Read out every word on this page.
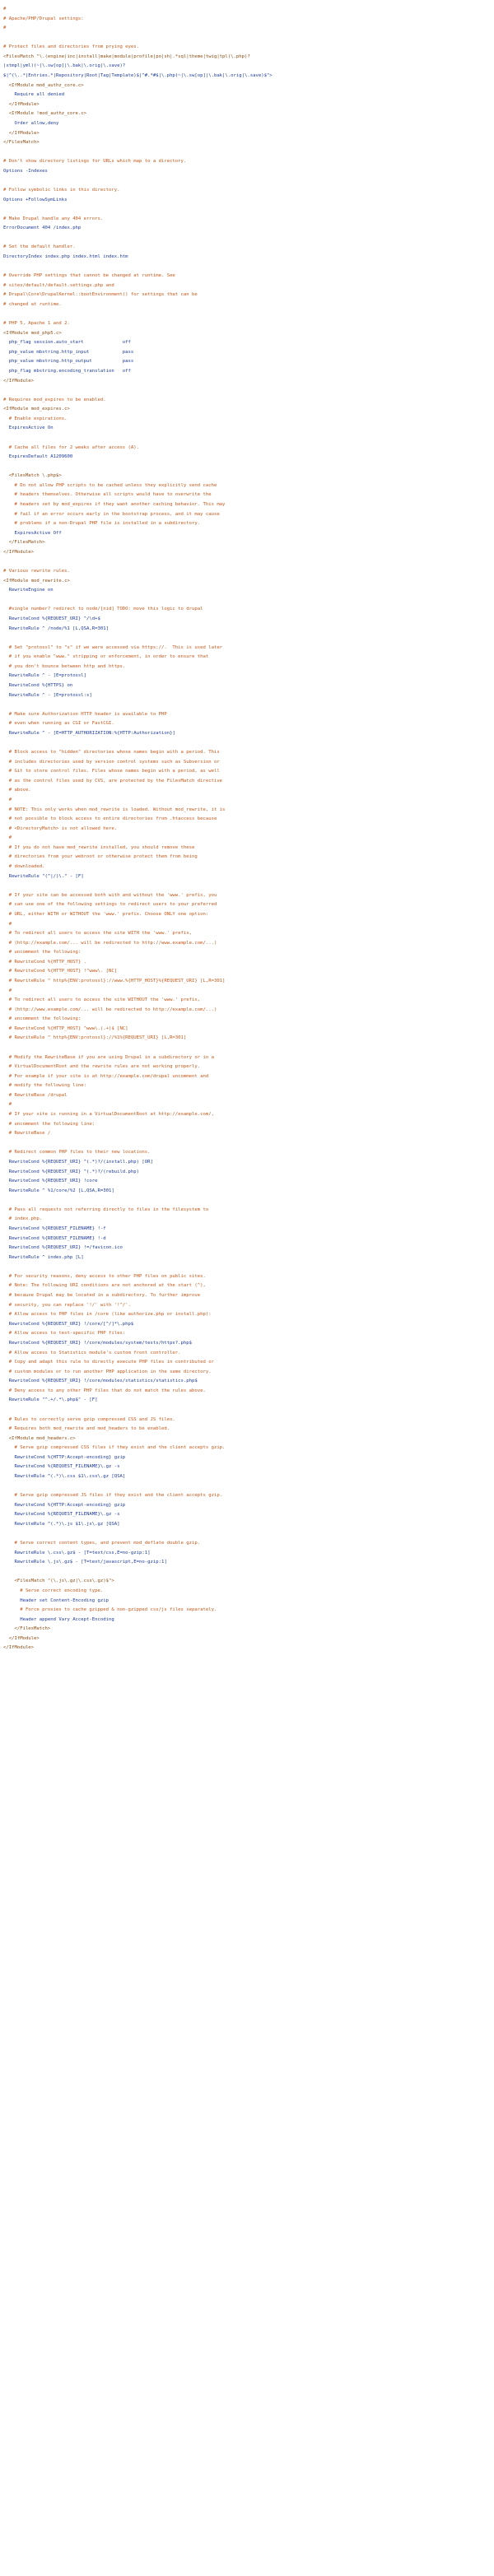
#
# Apache/PHP/Drupal settings:
#

# Protect files and directories from prying eyes.
<FilesMatch "\.(engine|inc|install|make|module|profile|po|sh|.*sql|theme|twig|tpl(\.php)?
|xtmpl|yml)(~|\.sw[op]|\.bak|\.orig|\.save)?
$|^(\..*|Entries.*|Repository|Root|Tag|Template)$|^#.*#$|\.php(~|\.sw[op]|\.bak|\.orig|\.save)$">
<IfModule mod_authz_core.c>
Require all denied
</IfModule>
<IfModule !mod_authz_core.c>
Order allow,deny
</IfModule>
</FilesMatch>

# Don't show directory listings for URLs which map to a directory.
Options -Indexes

# Follow symbolic links in this directory.
Options +FollowSymLinks

# Make Drupal handle any 404 errors.
ErrorDocument 404 /index.php

# Set the default handler.
DirectoryIndex index.php index.html index.htm

# Override PHP settings that cannot be changed at runtime. See
# sites/default/default.settings.php and
# Drupal\Core\DrupalKernel::bootEnvironment() for settings that can be
# changed at runtime.

# PHP 5, Apache 1 and 2.
<IfModule mod_php5.c>
php_flag session.auto_start              off
php_value mbstring.http_input            pass
php_value mbstring.http_output           pass
php_flag mbstring.encoding_translation   off
</IfModule>

# Requires mod_expires to be enabled.
<IfModule mod_expires.c>
# Enable expirations.
ExpiresActive On

# Cache all files for 2 weeks after access (A).
ExpiresDefault A1209600

<FilesMatch \.php$>
# Do not allow PHP scripts to be cached unless they explicitly send cache
# headers themselves. Otherwise all scripts would have to overwrite the
# headers set by mod_expires if they want another caching behavior. This may
# fail if an error occurs early in the bootstrap process, and it may cause
# problems if a non-Drupal PHP file is installed in a subdirectory.
ExpiresActive Off
</FilesMatch>
</IfModule>

# Various rewrite rules.
<IfModule mod_rewrite.c>
RewriteEngine on

#single number? redirect to node/[nid] TODO: move this logic to drupal
RewriteCond %{REQUEST_URI} ^/\d+$
RewriteRule ^ /node/%1 [L,QSA,R=301]

# Set "protossl" to "s" if we were accessed via https://.  This is used later
# if you enable "www." stripping or enforcement, in order to ensure that
# you don't bounce between http and https.
RewriteRule ^ - [E=protossl]
RewriteCond %{HTTPS} on
RewriteRule ^ - [E=protossl:s]

# Make sure Authorization HTTP header is available to PHP
# even when running as CGI or FastCGI.
RewriteRule ^ - [E=HTTP_AUTHORIZATION:%{HTTP:Authorization}]

# Block access to "hidden" directories whose names begin with a period. This
# includes directories used by version control systems such as Subversion or
# Git to store control files. Files whose names begin with a period, as well
# as the control files used by CVS, are protected by the FilesMatch directive
# above.
#
# NOTE: This only works when mod_rewrite is loaded. Without mod_rewrite, it is
# not possible to block access to entire directories from .htaccess because
# <DirectoryMatch> is not allowed here.
#
# If you do not have mod_rewrite installed, you should remove these
# directories from your webroot or otherwise protect them from being
# downloaded.
RewriteRule "(^|/)\." - [F]

# If your site can be accessed both with and without the 'www.' prefix, you
# can use one of the following settings to redirect users to your preferred
# URL, either WITH or WITHOUT the 'www.' prefix. Choose ONLY one option:
#
# To redirect all users to access the site WITH the 'www.' prefix,
# (http://example.com/... will be redirected to http://www.example.com/...)
# uncomment the following:
# RewriteCond %{HTTP_HOST} .
# RewriteCond %{HTTP_HOST} !^www\. [NC]
# RewriteRule ^ http%{ENV:protossl}://www.%{HTTP_HOST}%{REQUEST_URI} [L,R=301]
#
# To redirect all users to access the site WITHOUT the 'www.' prefix,
# (http://www.example.com/... will be redirected to http://example.com/...)
# uncomment the following:
# RewriteCond %{HTTP_HOST} ^www\.(.+)$ [NC]
# RewriteRule ^ http%{ENV:protossl}://%1%{REQUEST_URI} [L,R=301]

# Modify the RewriteBase if you are using Drupal in a subdirectory or in a
# VirtualDocumentRoot and the rewrite rules are not working properly.
# For example if your site is at http://example.com/drupal uncomment and
# modify the following line:
# RewriteBase /drupal
#
# If your site is running in a VirtualDocumentRoot at http://example.com/,
# uncomment the following line:
# RewriteBase /

# Redirect common PHP files to their new locations.
RewriteCond %{REQUEST_URI} ^(.*)?/(install.php) [OR]
RewriteCond %{REQUEST_URI} ^(.*)?/(rebuild.php)
RewriteCond %{REQUEST_URI} !core
RewriteRule ^ %1/core/%2 [L,QSA,R=301]

# Pass all requests not referring directly to files in the filesystem to
# index.php.
RewriteCond %{REQUEST_FILENAME} !-f
RewriteCond %{REQUEST_FILENAME} !-d
RewriteCond %{REQUEST_URI} !=/favicon.ico
RewriteRule ^ index.php [L]

# For security reasons, deny access to other PHP files on public sites.
# Note: The following URI conditions are not anchored at the start (^),
# because Drupal may be located in a subdirectory. To further improve
# security, you can replace '!/' with '!^/'.
# Allow access to PHP files in /core (like authorize.php or install.php):
RewriteCond %{REQUEST_URI} !/core/[^/]*\.php$
# Allow access to test-specific PHP files:
RewriteCond %{REQUEST_URI} !/core/modules/system/tests/https?.php$
# Allow access to Statistics module's custom front controller.
# Copy and adapt this rule to directly execute PHP files in contributed or
# custom modules or to run another PHP application in the same directory.
RewriteCond %{REQUEST_URI} !/core/modules/statistics/statistics.php$
# Deny access to any other PHP files that do not match the rules above.
RewriteRule "^.+/.*\.php$" - [F]

# Rules to correctly serve gzip compressed CSS and JS files.
# Requires both mod_rewrite and mod_headers to be enabled.
<IfModule mod_headers.c>
# Serve gzip compressed CSS files if they exist and the client accepts gzip.
RewriteCond %{HTTP:Accept-encoding} gzip
RewriteCond %{REQUEST_FILENAME}\.gz -s
RewriteRule ^(.*)\.css $1\.css\.gz [QSA]

# Serve gzip compressed JS files if they exist and the client accepts gzip.
RewriteCond %{HTTP:Accept-encoding} gzip
RewriteCond %{REQUEST_FILENAME}\.gz -s
RewriteRule ^(.*)\.js $1\.js\.gz [QSA]

# Serve correct content types, and prevent mod_deflate double gzip.
RewriteRule \.css\.gz$ - [T=text/css,E=no-gzip:1]
RewriteRule \.js\.gz$ - [T=text/javascript,E=no-gzip:1]

<FilesMatch "(\.js\.gz|\.css\.gz)$">
# Serve correct encoding type.
Header set Content-Encoding gzip
# Force proxies to cache gzipped & non-gzipped css/js files separately.
Header append Vary Accept-Encoding
</FilesMatch>
</IfModule>
</IfModule>
